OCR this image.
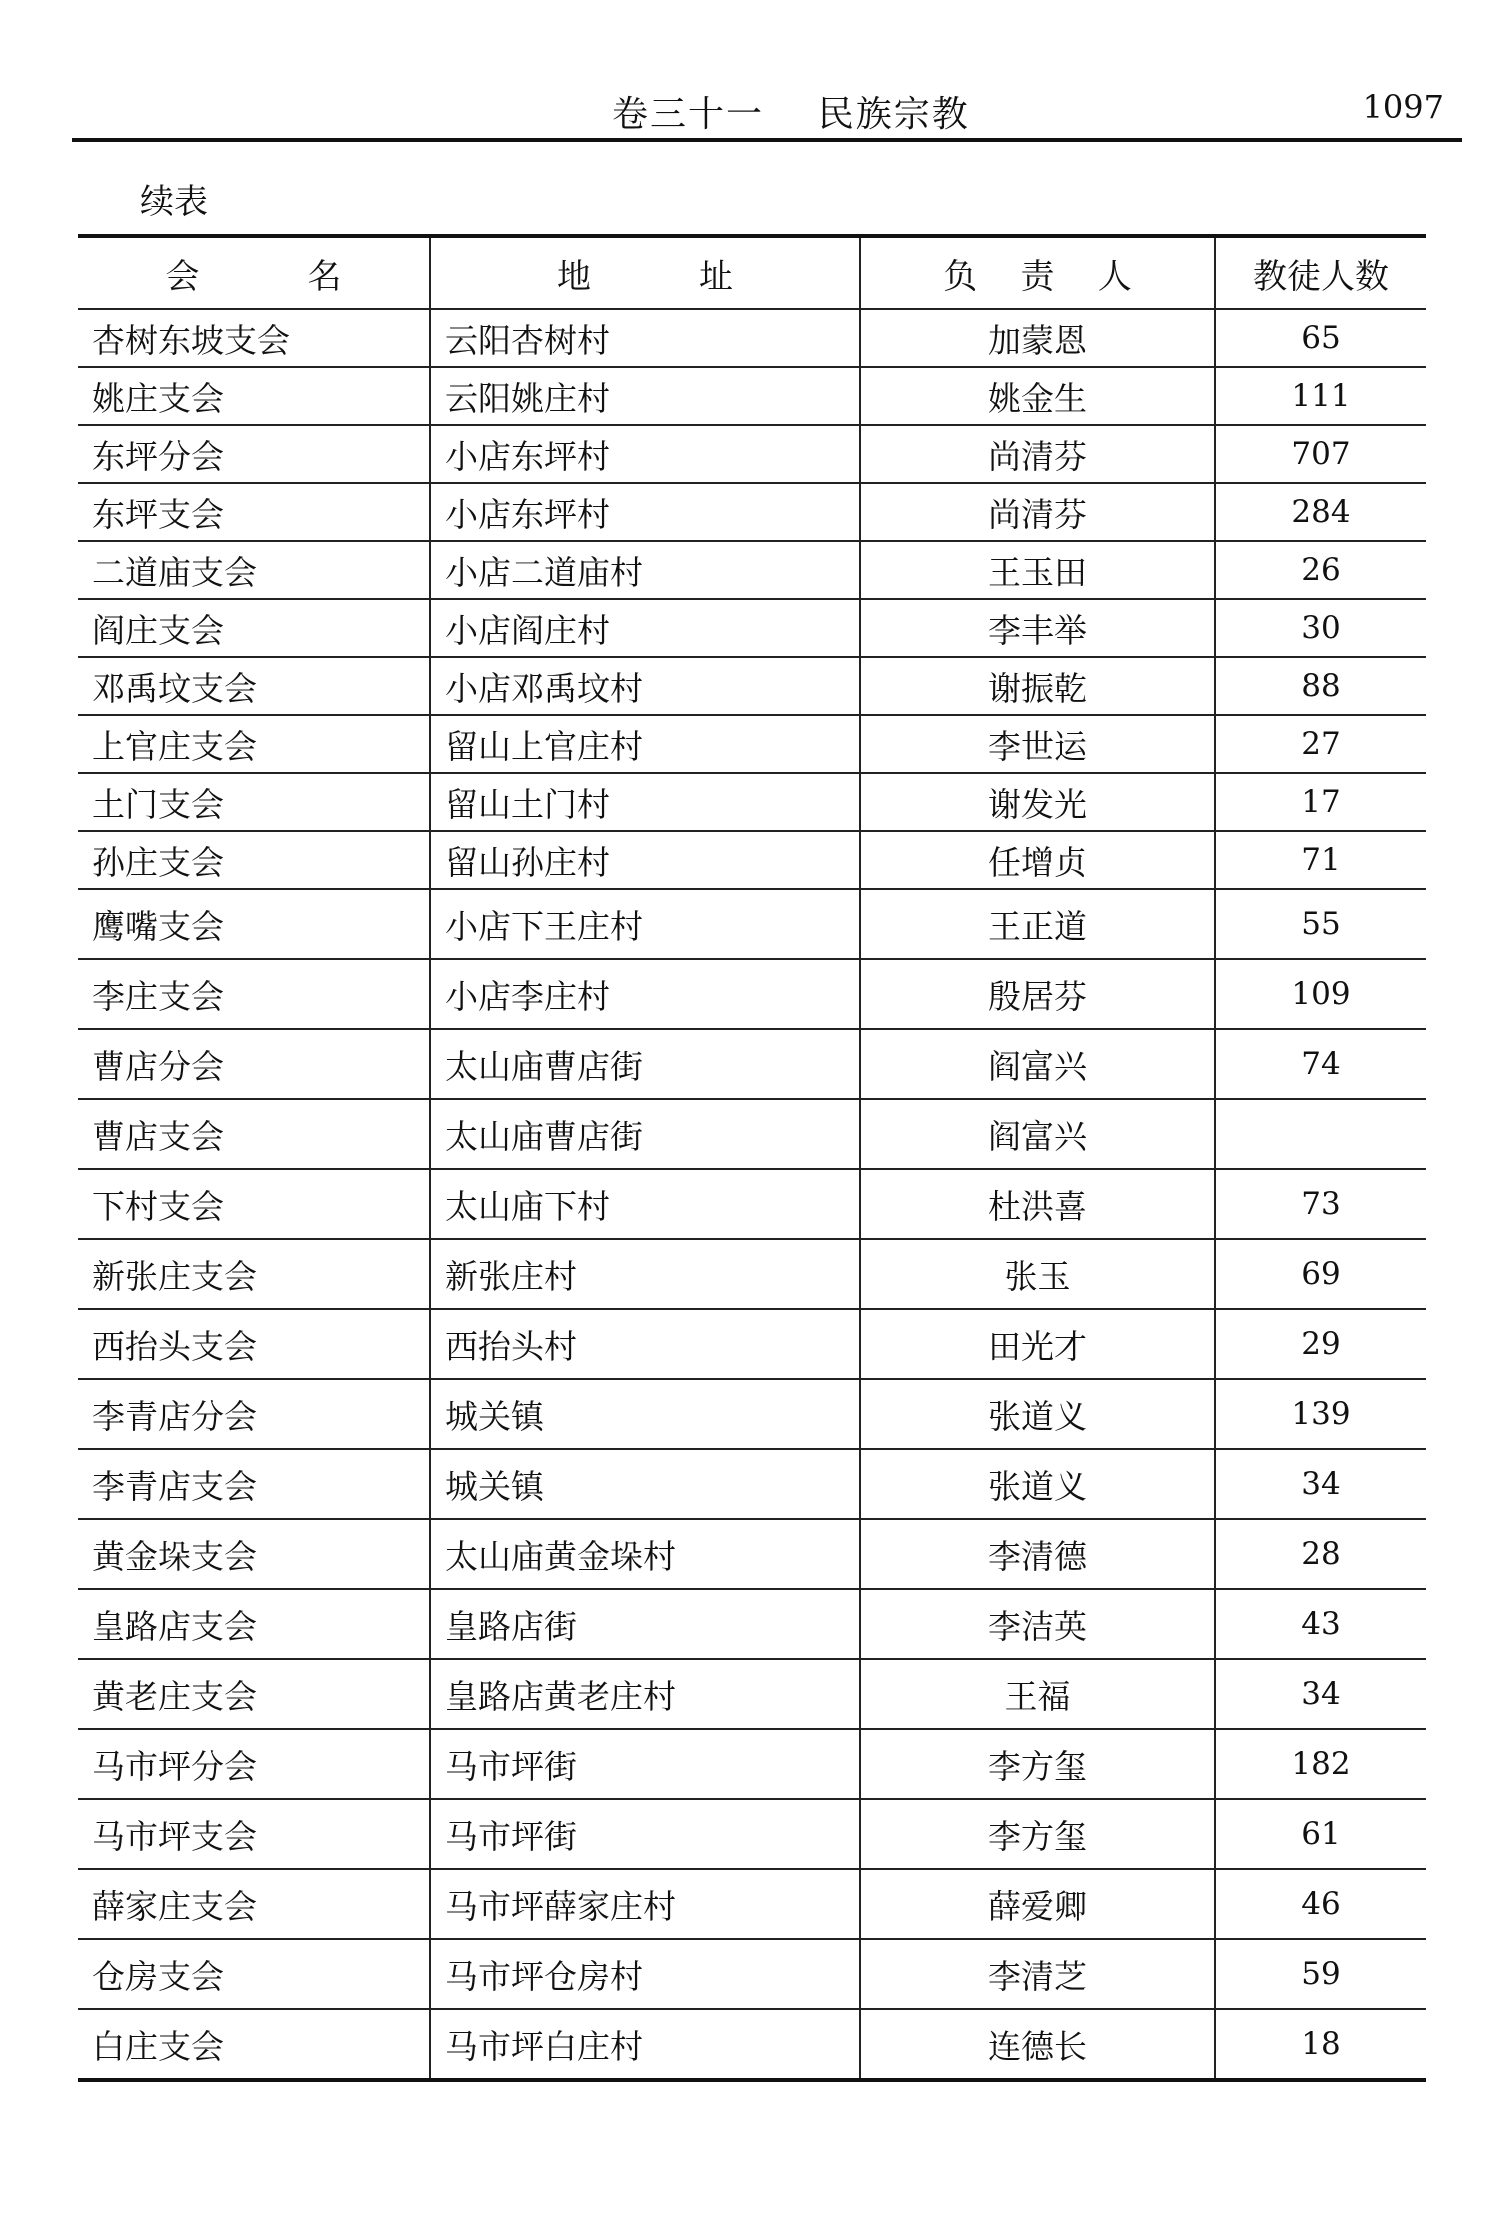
卷三十一    民族宗教	1097
续表
会          名	地          址	负    责    人	教徒人数
杏树东坡支会	云阳杏树村	加蒙恩	65
姚庄支会	云阳姚庄村	姚金生	111
东坪分会	小店东坪村	尚清芬	707
东坪支会	小店东坪村	尚清芬	284
二道庙支会	小店二道庙村	王玉田	26
阎庄支会	小店阎庄村	李丰举	30
邓禹坟支会	小店邓禹坟村	谢振乾	88
上官庄支会	留山上官庄村	李世运	27
土门支会	留山土门村	谢发光	17
孙庄支会	留山孙庄村	任增贞	71
鹰嘴支会	小店下王庄村	王正道	55
李庄支会	小店李庄村	殷居芬	109
曹店分会	太山庙曹店街	阎富兴	74
曹店支会	太山庙曹店街	阎富兴	
下村支会	太山庙下村	杜洪喜	73
新张庄支会	新张庄村	张玉	69
西抬头支会	西抬头村	田光才	29
李青店分会	城关镇	张道义	139
李青店支会	城关镇	张道义	34
黄金垛支会	太山庙黄金垛村	李清德	28
皇路店支会	皇路店街	李洁英	43
黄老庄支会	皇路店黄老庄村	王福	34
马市坪分会	马市坪街	李方玺	182
马市坪支会	马市坪街	李方玺	61
薛家庄支会	马市坪薛家庄村	薛爱卿	46
仓房支会	马市坪仓房村	李清芝	59
白庄支会	马市坪白庄村	连德长	18
